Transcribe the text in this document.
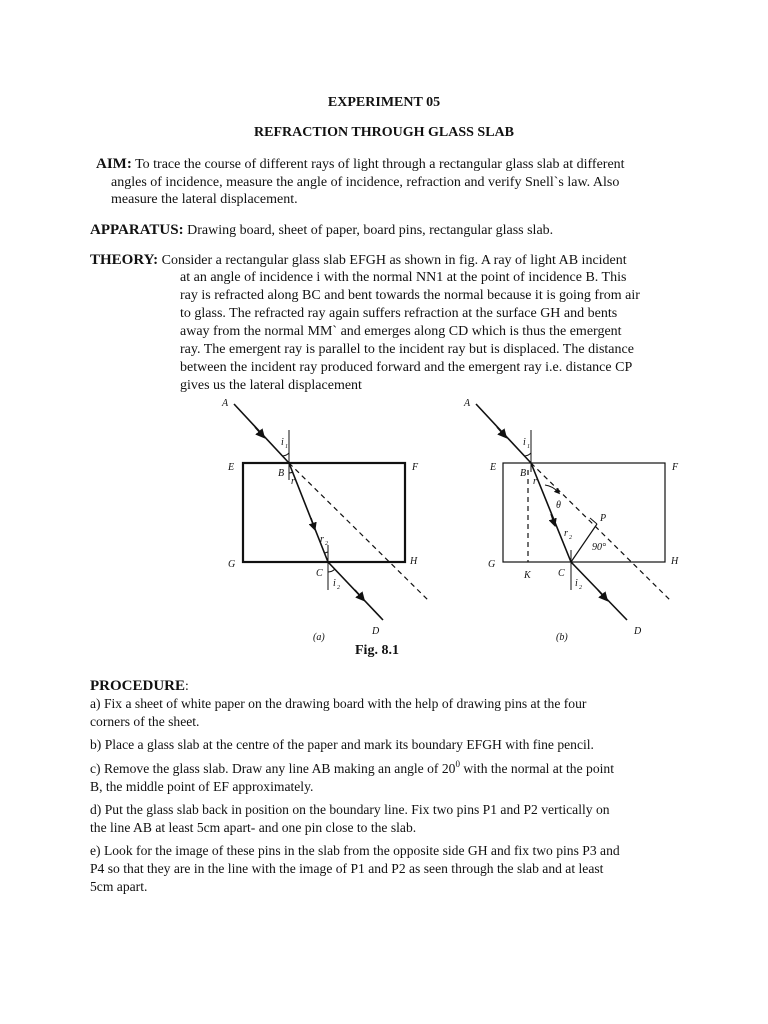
EXPERIMENT 05
REFRACTION THROUGH GLASS SLAB
AIM: To trace the course of different rays of light through a rectangular glass slab at different
angles of incidence, measure the angle of incidence, refraction and verify Snell`s law. Also
measure the lateral displacement.
APPARATUS: Drawing board, sheet of paper, board pins, rectangular glass slab.
THEORY: Consider a rectangular glass slab EFGH as shown in fig. A ray of light AB incident
at an angle of incidence i with the normal NN1 at the point of incidence B. This
ray is refracted along BC and bent towards the normal because it is going from air
to glass. The refracted ray again suffers refraction at the surface GH and bents
away from the normal MM` and emerges along CD which is thus the emergent
ray. The emergent ray is parallel to the incident ray but is displaced. The distance
between the incident ray produced forward and the emergent ray i.e. distance CP
gives us the lateral displacement
A
E	F
B
G	H
C
D
i 1
r
r 2
i 2
(a)
A
E	F
B
G	H
C
K
P
D
θ
90°
i 1
r
r 2
i 2
(b)
Fig. 8.1
PROCEDURE:
a) Fix a sheet of white paper on the drawing board with the help of drawing pins at the four
corners of the sheet.
b) Place a glass slab at the centre of the paper and mark its boundary EFGH with fine pencil.
c) Remove the glass slab. Draw any line AB making an angle of $20^0$ with the normal at the point
B, the middle point of EF approximately.
d) Put the glass slab back in position on the boundary line. Fix two pins P1 and P2 vertically on
the line AB at least 5cm apart- and one pin close to the slab.
e) Look for the image of these pins in the slab from the opposite side GH and fix two pins P3 and
P4 so that they are in the line with the image of P1 and P2 as seen through the slab and at least
5cm apart.
